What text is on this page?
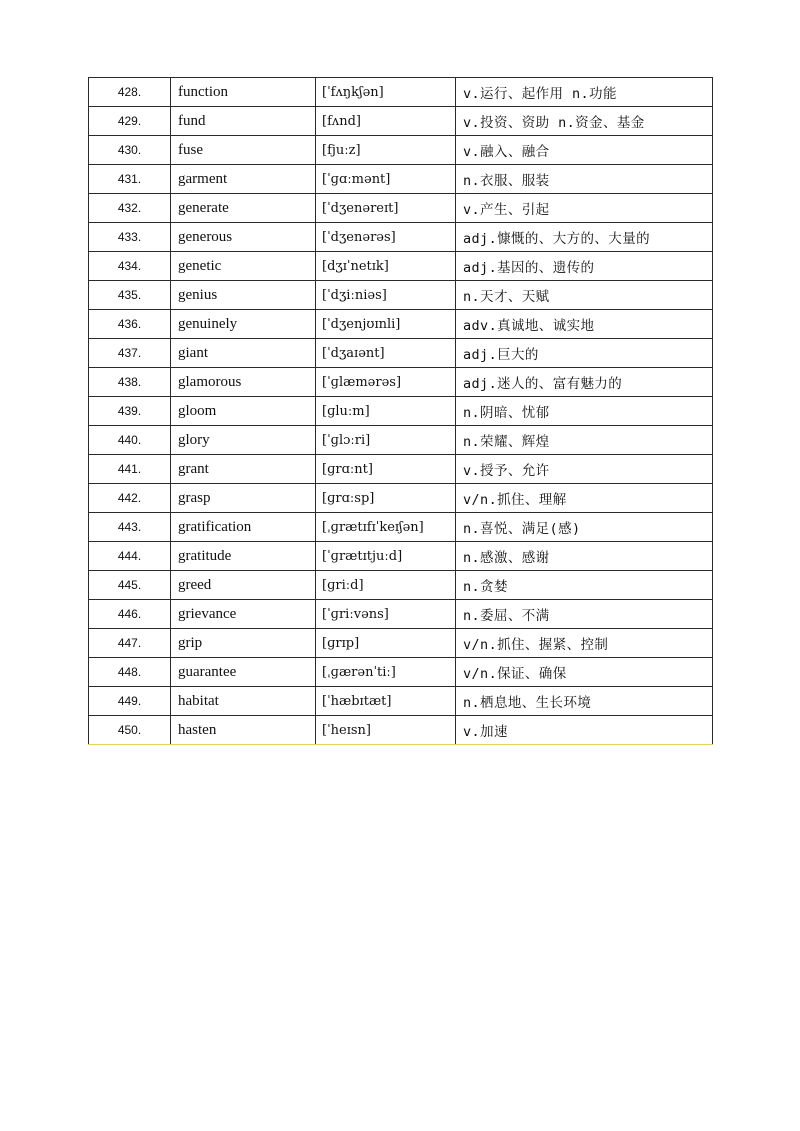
428.	function	[ˈfʌŋkʃən]	v.运行、起作用 n.功能
429.	fund	[fʌnd]	v.投资、资助 n.资金、基金
430.	fuse	[fjuːz]	v.融入、融合
431.	garment	[ˈɡɑːmənt]	n.衣服、服装
432.	generate	[ˈdʒenəreɪt]	v.产生、引起
433.	generous	[ˈdʒenərəs]	adj.慷慨的、大方的、大量的
434.	genetic	[dʒɪˈnetɪk]	adj.基因的、遗传的
435.	genius	[ˈdʒiːniəs]	n.天才、天赋
436.	genuinely	[ˈdʒenjʊɪnli]	adv.真诚地、诚实地
437.	giant	[ˈdʒaɪənt]	adj.巨大的
438.	glamorous	[ˈɡlæmərəs]	adj.迷人的、富有魅力的
439.	gloom	[ɡluːm]	n.阴暗、忧郁
440.	glory	[ˈɡlɔːri]	n.荣耀、辉煌
441.	grant	[ɡrɑːnt]	v.授予、允许
442.	grasp	[ɡrɑːsp]	v/n.抓住、理解
443.	gratification	[ˌɡrætɪfɪˈkeɪʃən]	n.喜悦、满足(感)
444.	gratitude	[ˈɡrætɪtjuːd]	n.感激、感谢
445.	greed	[ɡriːd]	n.贪婪
446.	grievance	[ˈɡriːvəns]	n.委屈、不满
447.	grip	[ɡrɪp]	v/n.抓住、握紧、控制
448.	guarantee	[ˌɡærənˈtiː]	v/n.保证、确保
449.	habitat	[ˈhæbɪtæt]	n.栖息地、生长环境
450.	hasten	[ˈheɪsn]	v.加速
